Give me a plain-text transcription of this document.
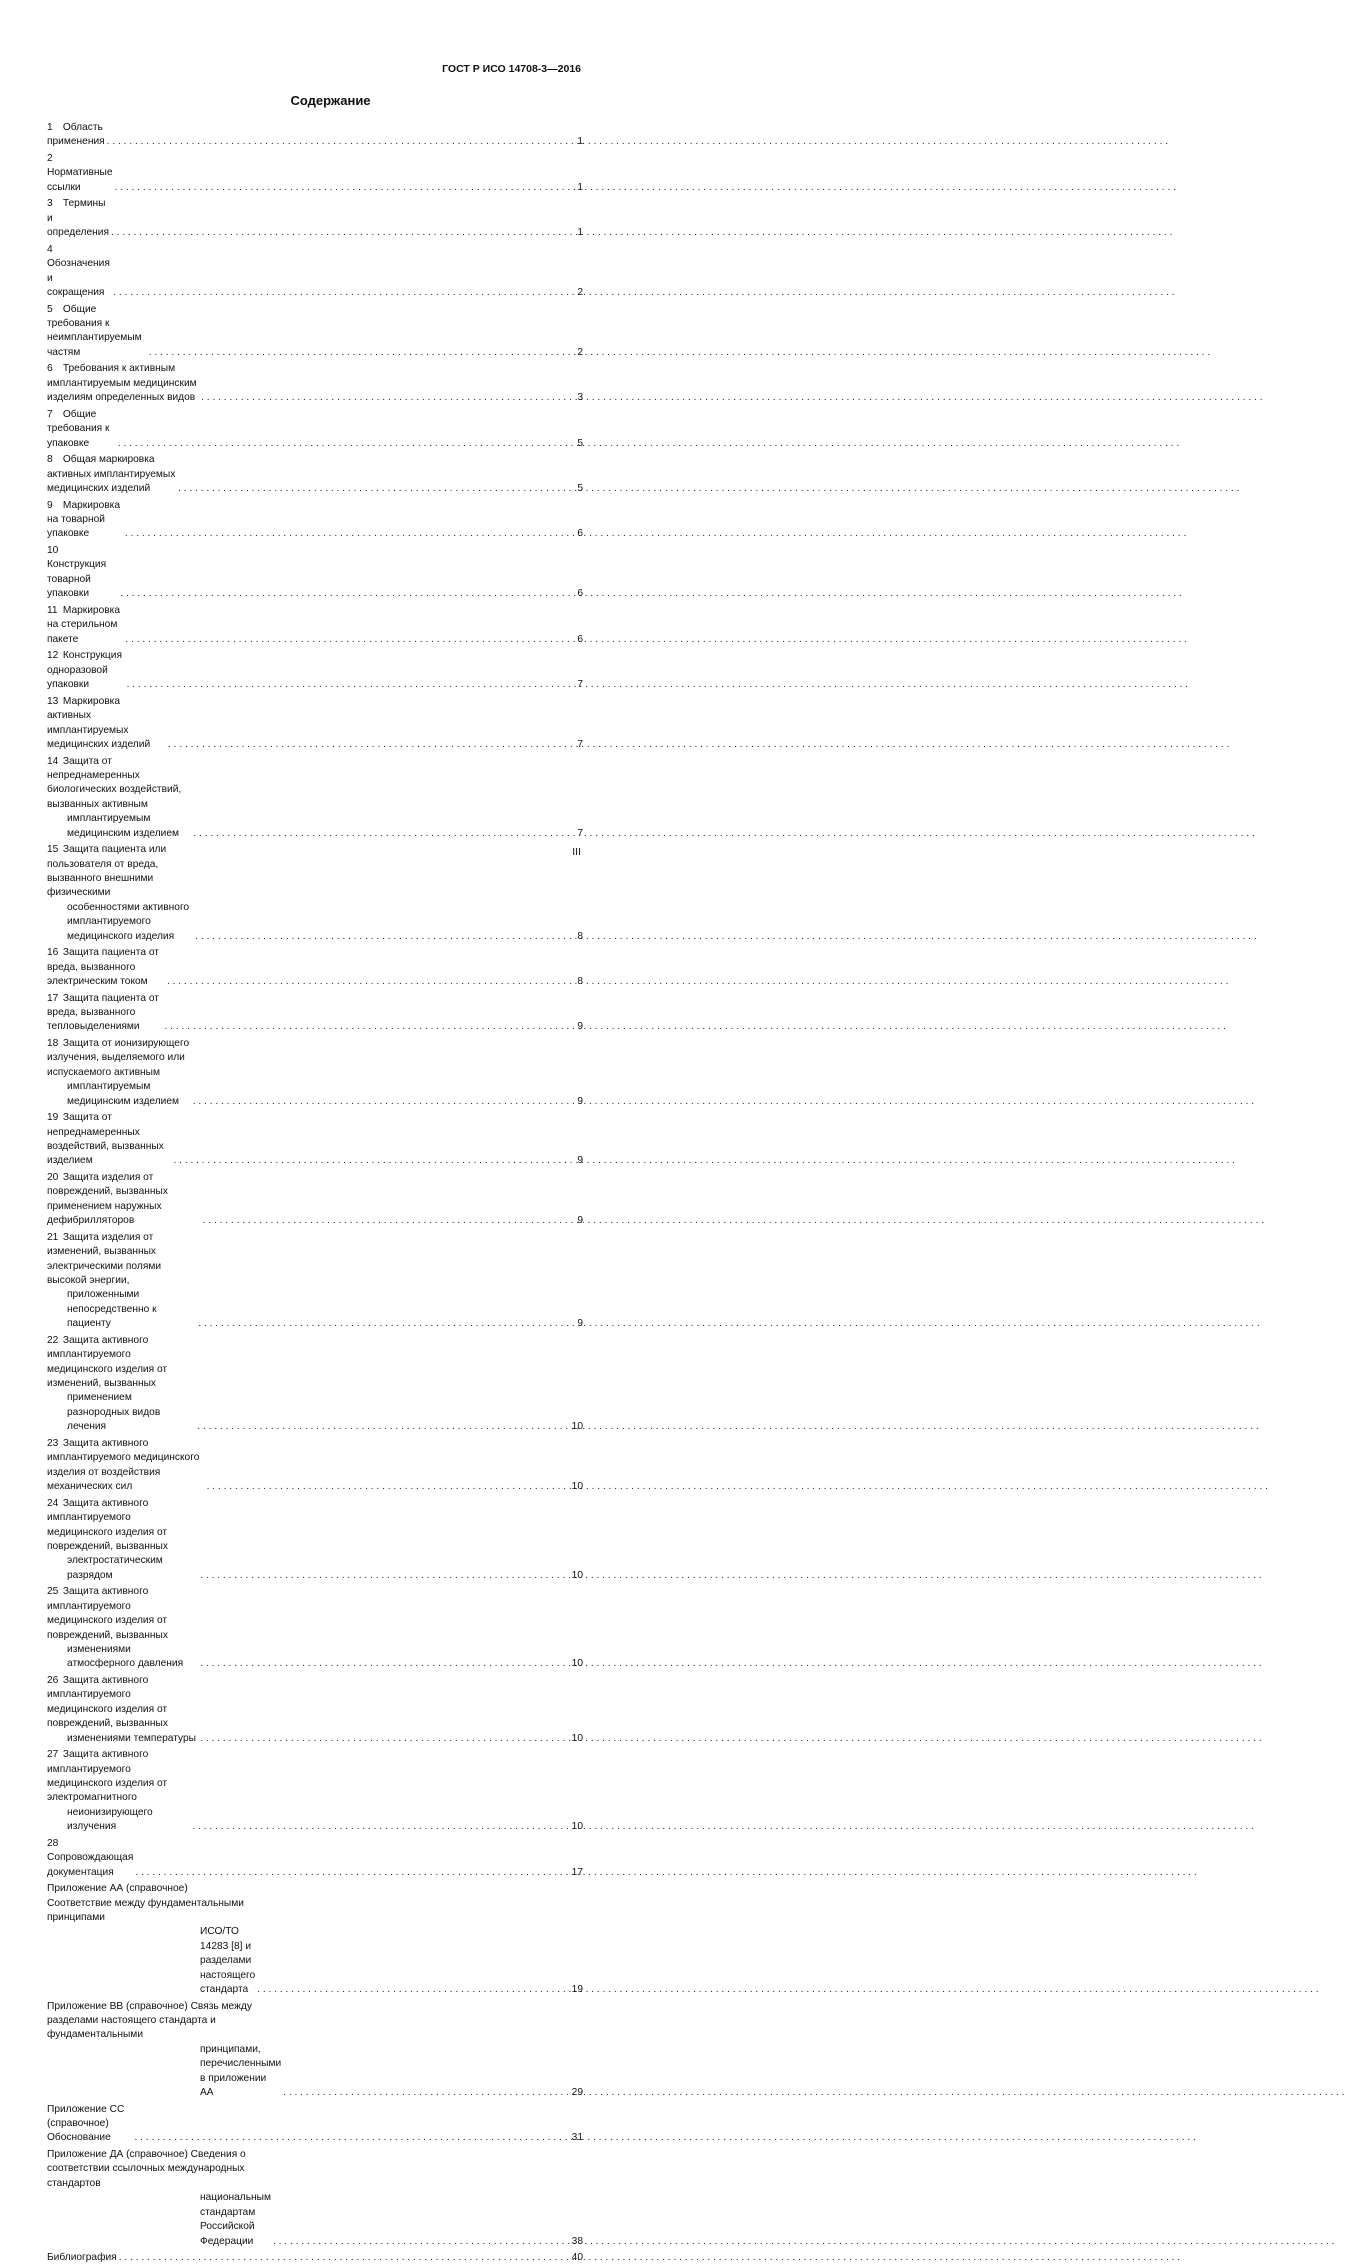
ГОСТ Р ИСО 14708-3—2016
Содержание
1 Область применения . . .	1
2 Нормативные ссылки . . .	1
3 Термины и определения . . .	1
4 Обозначения и сокращения . . .	2
5 Общие требования к неимплантируемым частям . . .	2
6 Требования к активным имплантируемым медицинским изделиям определенных видов . . .	3
7 Общие требования к упаковке . . .	5
8 Общая маркировка активных имплантируемых медицинских изделий . . .	5
9 Маркировка на товарной упаковке . . .	6
10 Конструкция товарной упаковки . . .	6
11 Маркировка на стерильном пакете . . .	6
12 Конструкция одноразовой упаковки . . .	7
13 Маркировка активных имплантируемых медицинских изделий . . .	7
14 Защита от непреднамеренных биологических воздействий, вызванных активным
имплантируемым медицинским изделием . . .	7
15 Защита пациента или пользователя от вреда, вызванного внешними физическими
особенностями активного имплантируемого медицинского изделия . . .	8
16 Защита пациента от вреда, вызванного электрическим током . . .	8
17 Защита пациента от вреда, вызванного тепловыделениями . . .	9
18 Защита от ионизирующего излучения, выделяемого или испускаемого активным
имплантируемым медицинским изделием . . .	9
19 Защита от непреднамеренных воздействий, вызванных изделием . . .	9
20 Защита изделия от повреждений, вызванных применением наружных дефибрилляторов . . .	9
21 Защита изделия от изменений, вызванных электрическими полями высокой энергии,
приложенными непосредственно к пациенту . . .	9
22 Защита активного имплантируемого медицинского изделия от изменений, вызванных
применением разнородных видов лечения . . .	10
23 Защита активного имплантируемого медицинского изделия от воздействия механических сил . . .	10
24 Защита активного имплантируемого медицинского изделия от повреждений, вызванных
электростатическим разрядом . . .	10
25 Защита активного имплантируемого медицинского изделия от повреждений, вызванных
изменениями атмосферного давления . . .	10
26 Защита активного имплантируемого медицинского изделия от повреждений, вызванных
изменениями температуры . . .	10
27 Защита активного имплантируемого медицинского изделия от электромагнитного
неионизирующего излучения . . .	10
28 Сопровождающая документация . . .	17
Приложение АА (справочное) Соответствие между фундаментальными принципами
ИСО/ТО 14283 [8] и разделами настоящего стандарта . . .	19
Приложение ВВ (справочное) Связь между разделами настоящего стандарта и фундаментальными
принципами, перечисленными в приложении АА . . .	29
Приложение СС (справочное) Обоснование . . .	31
Приложение ДА (справочное) Сведения о соответствии ссылочных международных стандартов
национальным стандартам Российской Федерации . . .	38
Библиография . . .	40
III
